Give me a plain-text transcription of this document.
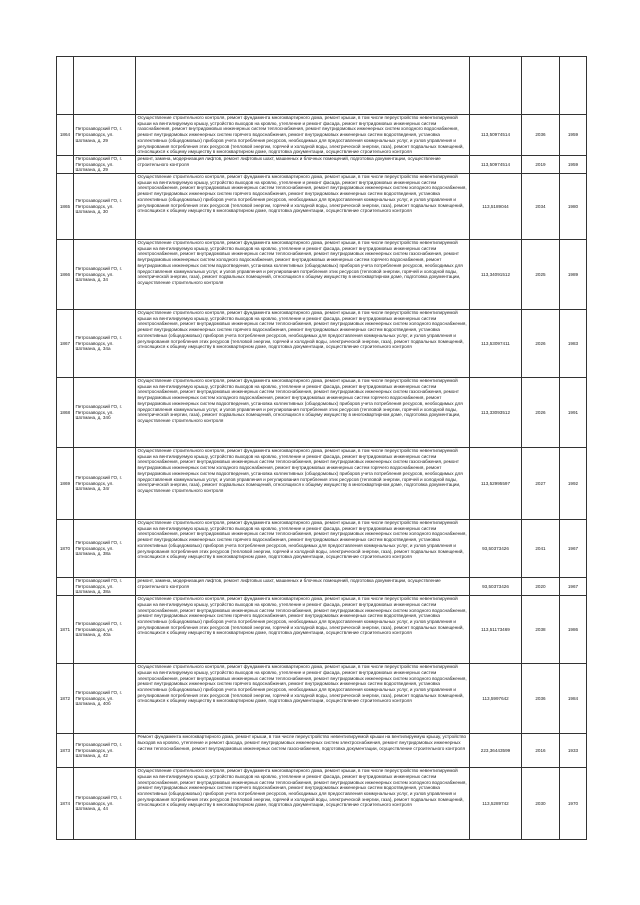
1864	Петрозаводский ГО, г. Петрозаводск, ул. Шотмана, д. 29	Осуществление строительного контроля, ремонт фундамента многоквартирного дома, ремонт крыши, в том числе переустройство невентилируемой крыши на вентилируемую крышу, устройство выходов на кровлю, утепление и ремонт фасада, ремонт внутридомовых инженерных систем газоснабжения, ремонт внутридомовых инженерных систем теплоснабжения, ремонт внутридомовых инженерных систем холодного водоснабжения, ремонт внутридомовых инженерных систем горячего водоснабжения, ремонт внутридомовых инженерных систем водоотведения, установка коллективных (общедомовых) приборов учета потребления ресурсов, необходимых для предоставления коммунальных услуг, и узлов управления и регулирования потребления этих ресурсов (тепловой энергии, горячей и холодной воды, электрической энергии, газа), ремонт подвальных помещений, относящихся к общему имуществу в многоквартирном доме, подготовка документации, осуществление строительного контроля	113,50974514	2036	1959
	Петрозаводский ГО, г. Петрозаводск, ул. Шотмана, д. 29	ремонт, замена, модернизация лифтов, ремонт лифтовых шахт, машинных и блочных помещений, подготовка документации, осуществление строительного контроля	113,50974514	2019	1959
1865	Петрозаводский ГО, г. Петрозаводск, ул. Шотмана, д. 30	Осуществление строительного контроля, ремонт фундамента многоквартирного дома, ремонт крыши, в том числе переустройство невентилируемой крыши на вентилируемую крышу, устройство выходов на кровлю, утепление и ремонт фасада, ремонт внутридомовых инженерных систем электроснабжения, ремонт внутридомовых инженерных систем теплоснабжения, ремонт внутридомовых инженерных систем холодного водоснабжения, ремонт внутридомовых инженерных систем горячего водоснабжения, ремонт внутридомовых инженерных систем водоотведения, установка коллективных (общедомовых) приборов учета потребления ресурсов, необходимых для предоставления коммунальных услуг, и узлов управления и регулирования потребления этих ресурсов (тепловой энергии, горячей и холодной воды, электрической энергии, газа), ремонт подвальных помещений, относящихся к общему имуществу в многоквартирном доме, подготовка документации, осуществление строительного контроля	113,5189044	2034	1980
1866	Петрозаводский ГО, г. Петрозаводск, ул. Шотмана, д. 34	Осуществление строительного контроля, ремонт фундамента многоквартирного дома, ремонт крыши, в том числе переустройство невентилируемой крыши на вентилируемую крышу, устройство выходов на кровлю, утепление и ремонт фасада, ремонт внутридомовых инженерных систем электроснабжения, ремонт внутридомовых инженерных систем теплоснабжения, ремонт внутридомовых инженерных систем газоснабжения, ремонт внутридомовых инженерных систем холодного водоснабжения, ремонт внутридомовых инженерных систем горячего водоснабжения, ремонт внутридомовых инженерных систем водоотведения, установка коллективных (общедомовых) приборов учета потребления ресурсов, необходимых для предоставления коммунальных услуг, и узлов управления и регулирования потребления этих ресурсов (тепловой энергии, горячей и холодной воды, электрической энергии, газа), ремонт подвальных помещений, относящихся к общему имуществу в многоквартирном доме, подготовка документации, осуществление строительного контроля	113,34091512	2025	1989
1867	Петрозаводский ГО, г. Петрозаводск, ул. Шотмана, д. 34а	Осуществление строительного контроля, ремонт фундамента многоквартирного дома, ремонт крыши, в том числе переустройство невентилируемой крыши на вентилируемую крышу, устройство выходов на кровлю, утепление и ремонт фасада, ремонт внутридомовых инженерных систем электроснабжения, ремонт внутридомовых инженерных систем теплоснабжения, ремонт внутридомовых инженерных систем холодного водоснабжения, ремонт внутридомовых инженерных систем горячего водоснабжения, ремонт внутридомовых инженерных систем водоотведения, установка коллективных (общедомовых) приборов учета потребления ресурсов, необходимых для предоставления коммунальных услуг, и узлов управления и регулирования потребления этих ресурсов (тепловой энергии, горячей и холодной воды, электрической энергии, газа), ремонт подвальных помещений, относящихся к общему имуществу в многоквартирном доме, подготовка документации, осуществление строительного контроля	113,53097411	2026	1983
1868	Петрозаводский ГО, г. Петрозаводск, ул. Шотмана, д. 34б	Осуществление строительного контроля, ремонт фундамента многоквартирного дома, ремонт крыши, в том числе переустройство невентилируемой крыши на вентилируемую крышу, устройство выходов на кровлю, утепление и ремонт фасада, ремонт внутридомовых инженерных систем электроснабжения, ремонт внутридомовых инженерных систем теплоснабжения, ремонт внутридомовых инженерных систем газоснабжения, ремонт внутридомовых инженерных систем холодного водоснабжения, ремонт внутридомовых инженерных систем горячего водоснабжения, ремонт внутридомовых инженерных систем водоотведения, установка коллективных (общедомовых) приборов учета потребления ресурсов, необходимых для предоставления коммунальных услуг, и узлов управления и регулирования потребления этих ресурсов (тепловой энергии, горячей и холодной воды, электрической энергии, газа), ремонт подвальных помещений, относящихся к общему имуществу в многоквартирном доме, подготовка документации, осуществление строительного контроля	113,33093512	2026	1991
1869	Петрозаводский ГО, г. Петрозаводск, ул. Шотмана, д. 34г	Осуществление строительного контроля, ремонт фундамента многоквартирного дома, ремонт крыши, в том числе переустройство невентилируемой крыши на вентилируемую крышу, устройство выходов на кровлю, утепление и ремонт фасада, ремонт внутридомовых инженерных систем электроснабжения, ремонт внутридомовых инженерных систем теплоснабжения, ремонт внутридомовых инженерных систем газоснабжения, ремонт внутридомовых инженерных систем холодного водоснабжения, ремонт внутридомовых инженерных систем горячего водоснабжения, ремонт внутридомовых инженерных систем водоотведения, установка коллективных (общедомовых) приборов учета потребления ресурсов, необходимых для предоставления коммунальных услуг, и узлов управления и регулирования потребления этих ресурсов (тепловой энергии, горячей и холодной воды, электрической энергии, газа), ремонт подвальных помещений, относящихся к общему имуществу в многоквартирном доме, подготовка документации, осуществление строительного контроля	113,52995597	2027	1992
1870	Петрозаводский ГО, г. Петрозаводск, ул. Шотмана, д. 38а	Осуществление строительного контроля, ремонт фундамента многоквартирного дома, ремонт крыши, в том числе переустройство невентилируемой крыши на вентилируемую крышу, устройство выходов на кровлю, утепление и ремонт фасада, ремонт внутридомовых инженерных систем электроснабжения, ремонт внутридомовых инженерных систем теплоснабжения, ремонт внутридомовых инженерных систем холодного водоснабжения, ремонт внутридомовых инженерных систем горячего водоснабжения, ремонт внутридомовых инженерных систем водоотведения, установка коллективных (общедомовых) приборов учета потребления ресурсов, необходимых для предоставления коммунальных услуг, и узлов управления и регулирования потребления этих ресурсов (тепловой энергии, горячей и холодной воды, электрической энергии, газа), ремонт подвальных помещений, относящихся к общему имуществу в многоквартирном доме, подготовка документации, осуществление строительного контроля	93,50373426	2041	1967
	Петрозаводский ГО, г. Петрозаводск, ул. Шотмана, д. 38а	ремонт, замена, модернизация лифтов, ремонт лифтовых шахт, машинных и блочных помещений, подготовка документации, осуществление строительного контроля	93,50373426	2020	1967
1871	Петрозаводский ГО, г. Петрозаводск, ул. Шотмана, д. 40а	Осуществление строительного контроля, ремонт фундамента многоквартирного дома, ремонт крыши, в том числе переустройство невентилируемой крыши на вентилируемую крышу, устройство выходов на кровлю, утепление и ремонт фасада, ремонт внутридомовых инженерных систем электроснабжения, ремонт внутридомовых инженерных систем теплоснабжения, ремонт внутридомовых инженерных систем холодного водоснабжения, ремонт внутридомовых инженерных систем горячего водоснабжения, ремонт внутридомовых инженерных систем водоотведения, установка коллективных (общедомовых) приборов учета потребления ресурсов, необходимых для предоставления коммунальных услуг, и узлов управления и регулирования потребления этих ресурсов (тепловой энергии, горячей и холодной воды, электрической энергии, газа), ремонт подвальных помещений, относящихся к общему имуществу в многоквартирном доме, подготовка документации, осуществление строительного контроля	113,51173469	2038	1986
1872	Петрозаводский ГО, г. Петрозаводск, ул. Шотмана, д. 40б	Осуществление строительного контроля, ремонт фундамента многоквартирного дома, ремонт крыши, в том числе переустройство невентилируемой крыши на вентилируемую крышу, устройство выходов на кровлю, утепление и ремонт фасада, ремонт внутридомовых инженерных систем электроснабжения, ремонт внутридомовых инженерных систем теплоснабжения, ремонт внутридомовых инженерных систем холодного водоснабжения, ремонт внутридомовых инженерных систем горячего водоснабжения, ремонт внутридомовых инженерных систем водоотведения, установка коллективных (общедомовых) приборов учета потребления ресурсов, необходимых для предоставления коммунальных услуг, и узлов управления и регулирования потребления этих ресурсов (тепловой энергии, горячей и холодной воды, электрической энергии, газа), ремонт подвальных помещений, относящихся к общему имуществу в многоквартирном доме, подготовка документации, осуществление строительного контроля	113,5997642	2036	1984
1873	Петрозаводский ГО, г. Петрозаводск, ул. Шотмана, д. 42	Ремонт фундамента многоквартирного дома, ремонт крыши, в том числе переустройство невентилируемой крыши на вентилируемую крышу, устройство выходов на кровлю, утепление и ремонт фасада, ремонт внутридомовых инженерных систем электроснабжения, ремонт внутридомовых инженерных систем теплоснабжения, ремонт внутридомовых инженерных систем газоснабжения, подготовка документации, осуществление строительного контроля	223,36443599	2016	1933
1874	Петрозаводский ГО, г. Петрозаводск, ул. Шотмана, д. 44	Осуществление строительного контроля, ремонт фундамента многоквартирного дома, ремонт крыши, в том числе переустройство невентилируемой крыши на вентилируемую крышу, устройство выходов на кровлю, утепление и ремонт фасада, ремонт внутридомовых инженерных систем электроснабжения, ремонт внутридомовых инженерных систем теплоснабжения, ремонт внутридомовых инженерных систем холодного водоснабжения, ремонт внутридомовых инженерных систем горячего водоснабжения, ремонт внутридомовых инженерных систем водоотведения, установка коллективных (общедомовых) приборов учета потребления ресурсов, необходимых для предоставления коммунальных услуг, и узлов управления и регулирования потребления этих ресурсов (тепловой энергии, горячей и холодной воды, электрической энергии, газа), ремонт подвальных помещений, относящихся к общему имуществу в многоквартирном доме, подготовка документации, осуществление строительного контроля	113,5289742	2030	1970
